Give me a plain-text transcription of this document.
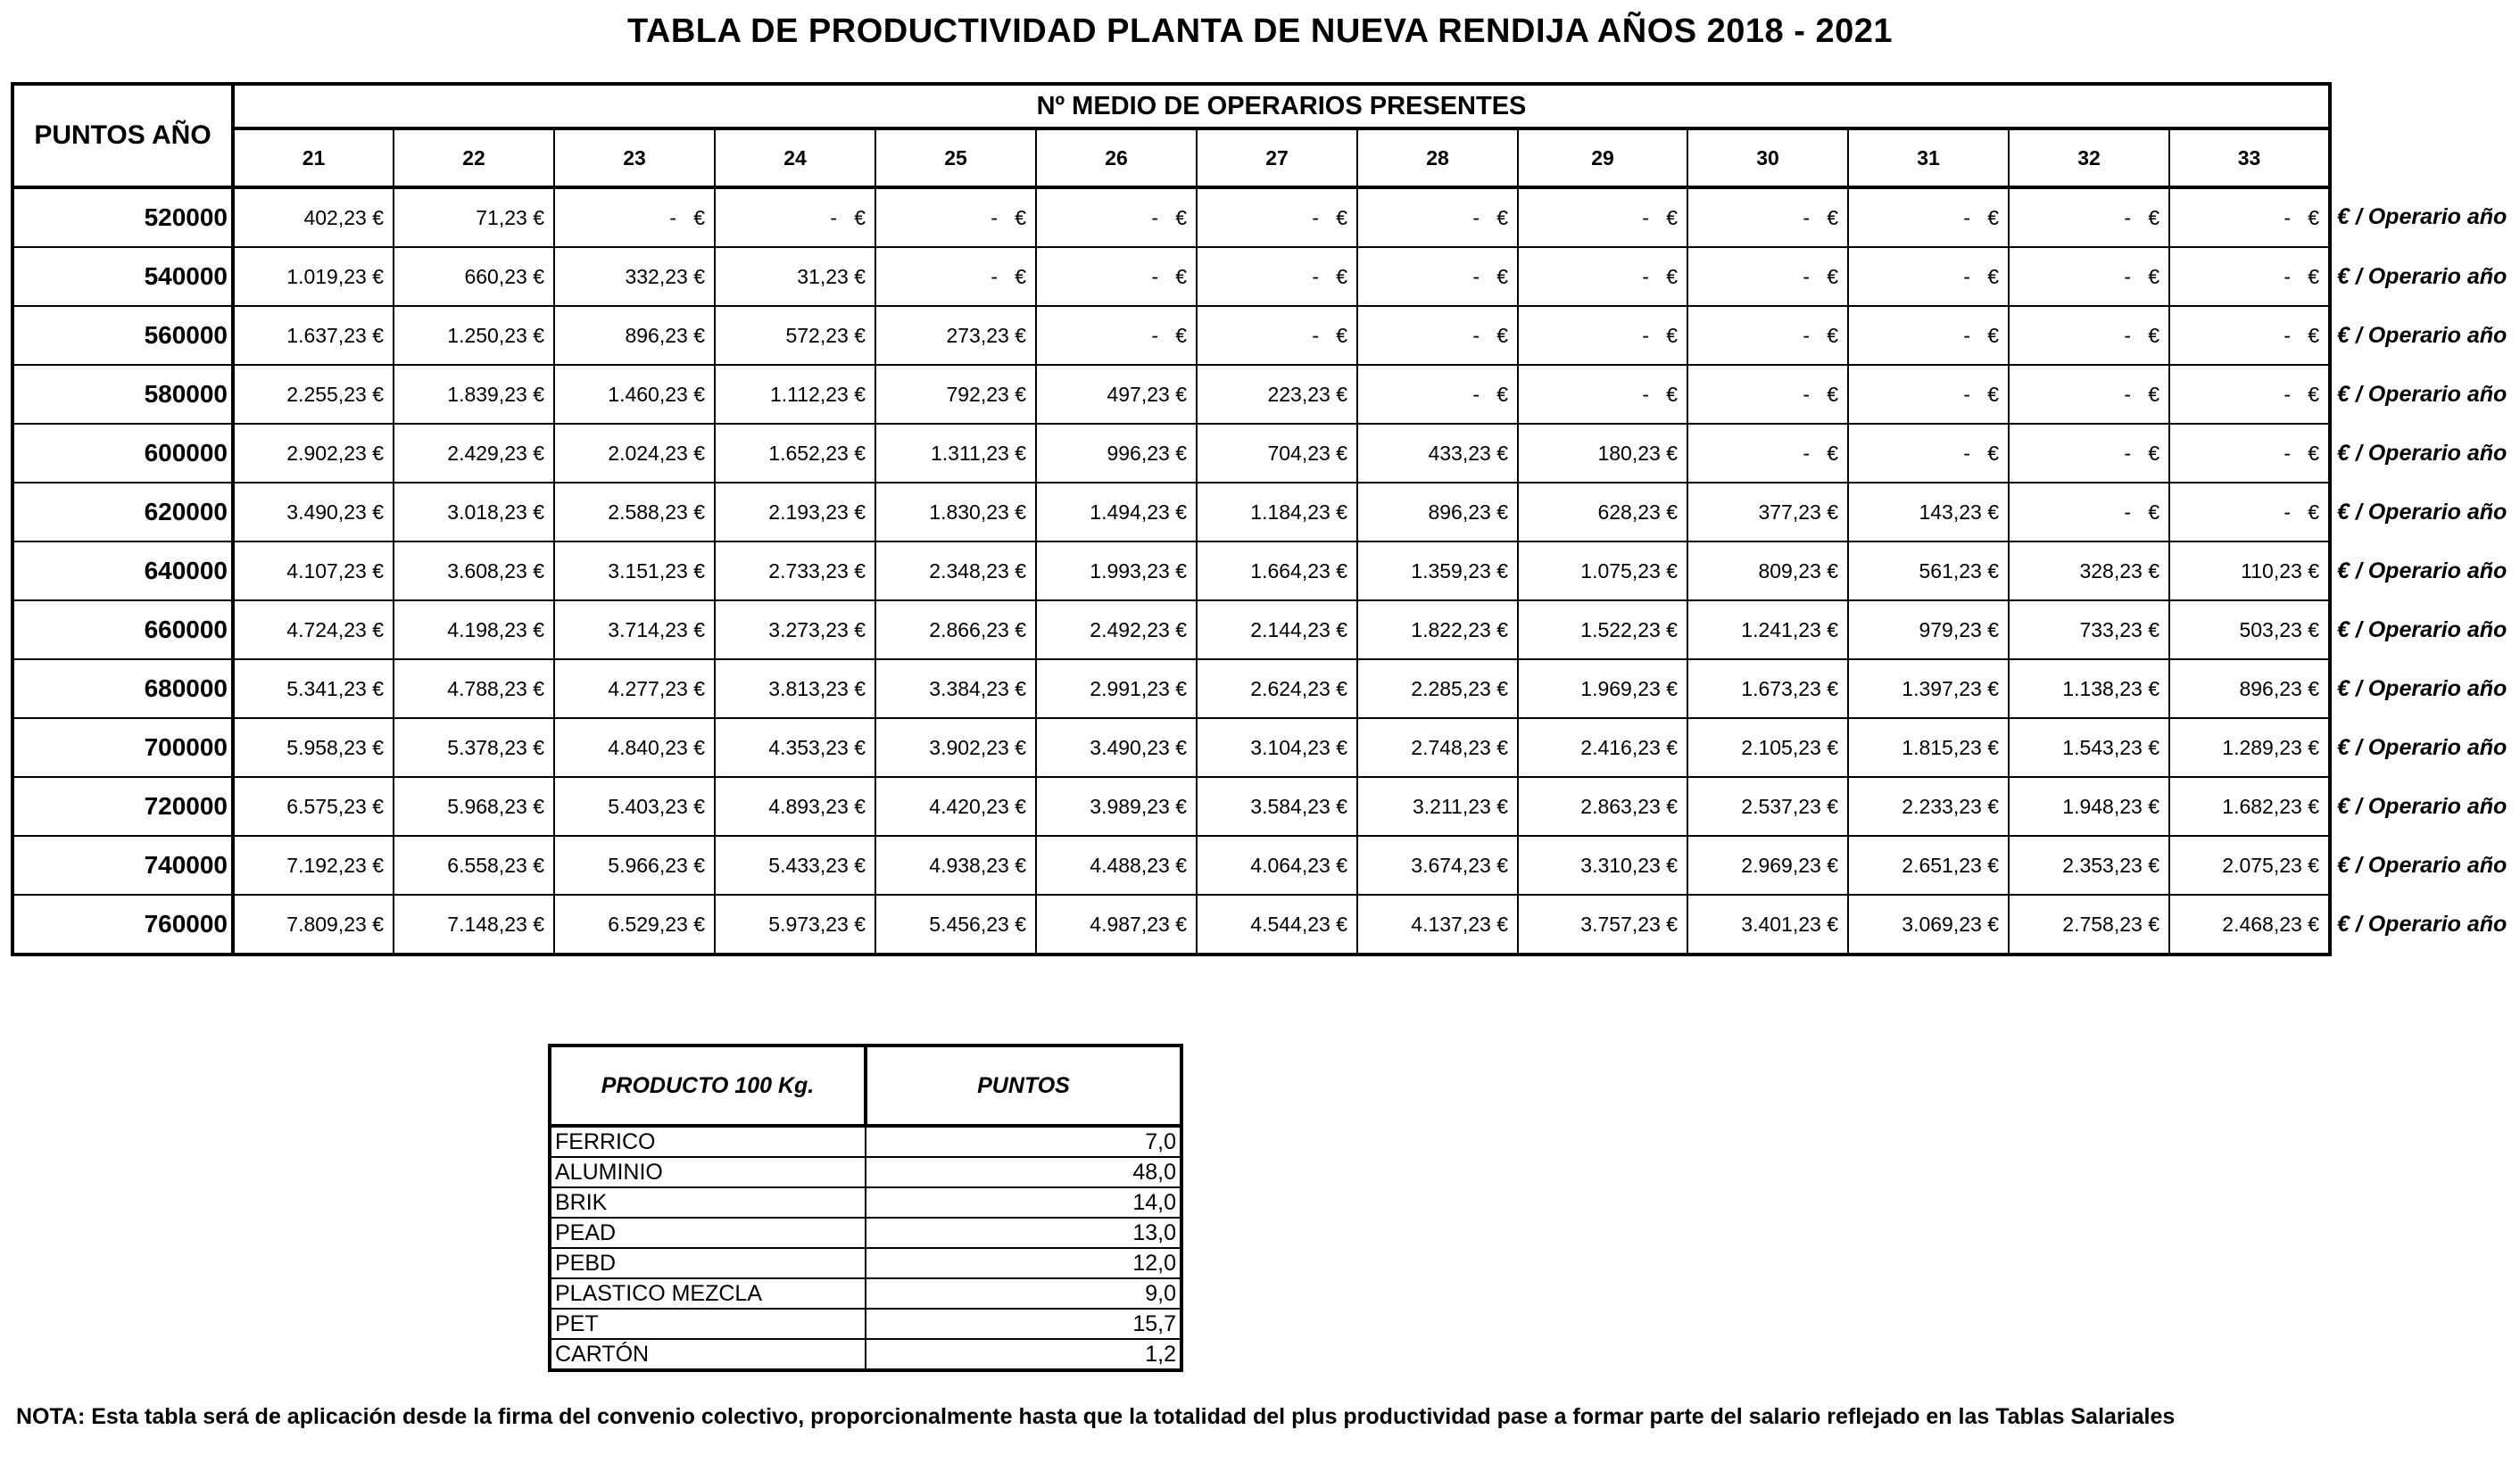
TABLA DE PRODUCTIVIDAD PLANTA DE NUEVA RENDIJA AÑOS 2018 - 2021
PUNTOS AÑO	Nº MEDIO DE OPERARIOS PRESENTES													
	21	22	23	24	25	26	27	28	29	30	31	32	33	
520000	402,23 €	71,23 €	-   €	-   €	-   €	-   €	-   €	-   €	-   €	-   €	-   €	-   €	-   €	€ / Operario año
540000	1.019,23 €	660,23 €	332,23 €	31,23 €	-   €	-   €	-   €	-   €	-   €	-   €	-   €	-   €	-   €	€ / Operario año
560000	1.637,23 €	1.250,23 €	896,23 €	572,23 €	273,23 €	-   €	-   €	-   €	-   €	-   €	-   €	-   €	-   €	€ / Operario año
580000	2.255,23 €	1.839,23 €	1.460,23 €	1.112,23 €	792,23 €	497,23 €	223,23 €	-   €	-   €	-   €	-   €	-   €	-   €	€ / Operario año
600000	2.902,23 €	2.429,23 €	2.024,23 €	1.652,23 €	1.311,23 €	996,23 €	704,23 €	433,23 €	180,23 €	-   €	-   €	-   €	-   €	€ / Operario año
620000	3.490,23 €	3.018,23 €	2.588,23 €	2.193,23 €	1.830,23 €	1.494,23 €	1.184,23 €	896,23 €	628,23 €	377,23 €	143,23 €	-   €	-   €	€ / Operario año
640000	4.107,23 €	3.608,23 €	3.151,23 €	2.733,23 €	2.348,23 €	1.993,23 €	1.664,23 €	1.359,23 €	1.075,23 €	809,23 €	561,23 €	328,23 €	110,23 €	€ / Operario año
660000	4.724,23 €	4.198,23 €	3.714,23 €	3.273,23 €	2.866,23 €	2.492,23 €	2.144,23 €	1.822,23 €	1.522,23 €	1.241,23 €	979,23 €	733,23 €	503,23 €	€ / Operario año
680000	5.341,23 €	4.788,23 €	4.277,23 €	3.813,23 €	3.384,23 €	2.991,23 €	2.624,23 €	2.285,23 €	1.969,23 €	1.673,23 €	1.397,23 €	1.138,23 €	896,23 €	€ / Operario año
700000	5.958,23 €	5.378,23 €	4.840,23 €	4.353,23 €	3.902,23 €	3.490,23 €	3.104,23 €	2.748,23 €	2.416,23 €	2.105,23 €	1.815,23 €	1.543,23 €	1.289,23 €	€ / Operario año
720000	6.575,23 €	5.968,23 €	5.403,23 €	4.893,23 €	4.420,23 €	3.989,23 €	3.584,23 €	3.211,23 €	2.863,23 €	2.537,23 €	2.233,23 €	1.948,23 €	1.682,23 €	€ / Operario año
740000	7.192,23 €	6.558,23 €	5.966,23 €	5.433,23 €	4.938,23 €	4.488,23 €	4.064,23 €	3.674,23 €	3.310,23 €	2.969,23 €	2.651,23 €	2.353,23 €	2.075,23 €	€ / Operario año
760000	7.809,23 €	7.148,23 €	6.529,23 €	5.973,23 €	5.456,23 €	4.987,23 €	4.544,23 €	4.137,23 €	3.757,23 €	3.401,23 €	3.069,23 €	2.758,23 €	2.468,23 €	€ / Operario año
PRODUCTO 100 Kg.	PUNTOS
FERRICO	7,0
ALUMINIO	48,0
BRIK	14,0
PEAD	13,0
PEBD	12,0
PLASTICO MEZCLA	9,0
PET	15,7
CARTÓN	1,2
NOTA: Esta tabla será de aplicación desde la firma del convenio colectivo, proporcionalmente hasta que la totalidad del plus productividad pase a formar parte del salario reflejado en las Tablas Salariales
